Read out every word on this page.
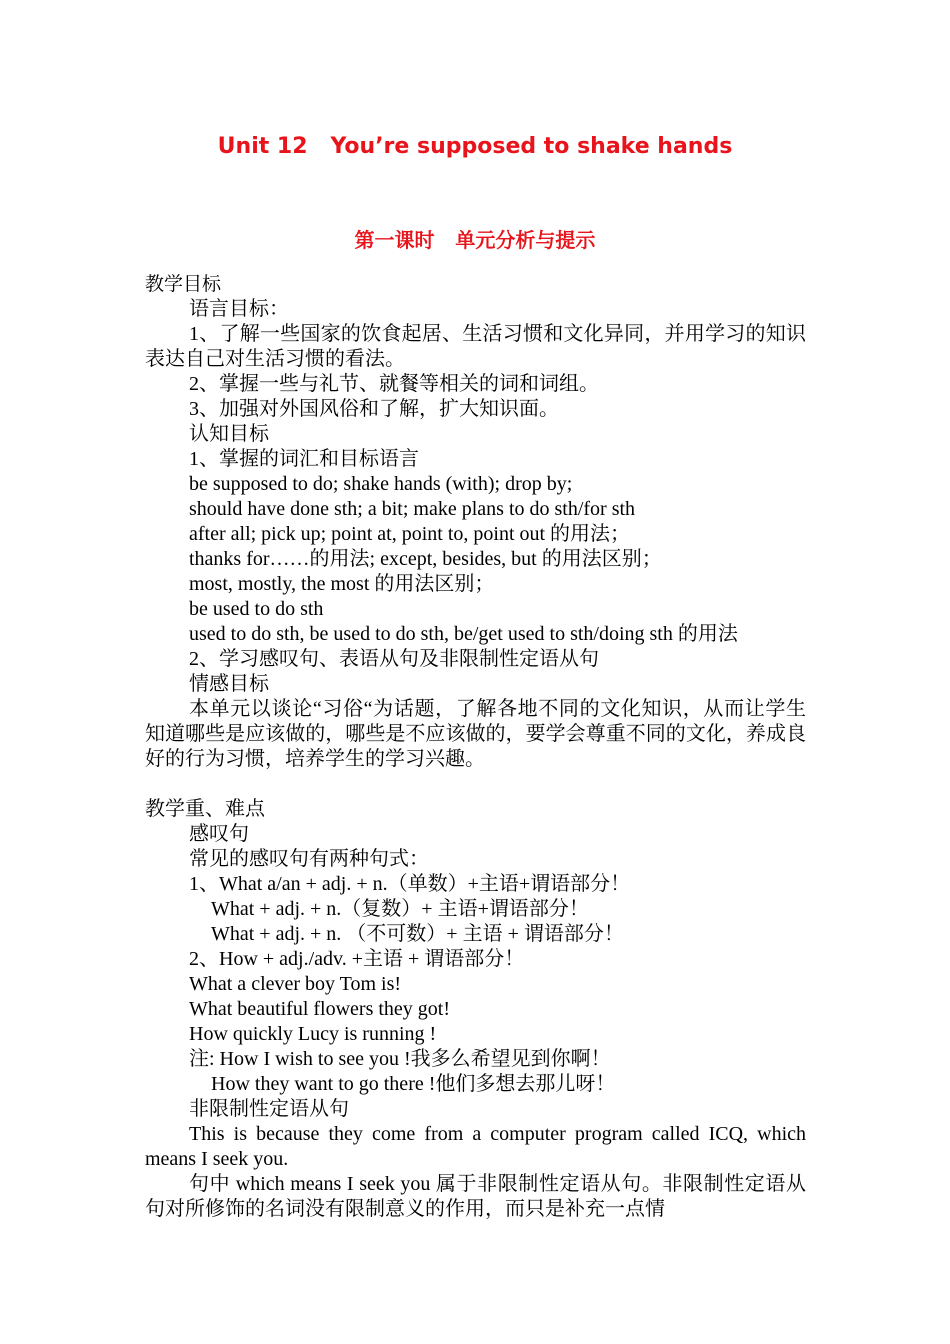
Unit 12   You’re supposed to shake hands
第一课时   单元分析与提示
教学目标
语言目标：
1、了解一些国家的饮食起居、生活习惯和文化异同，并用学习的知识表达自己对生活习惯的看法。
2、掌握一些与礼节、就餐等相关的词和词组。
3、加强对外国风俗和了解，扩大知识面。
认知目标
1、掌握的词汇和目标语言
be supposed to do; shake hands (with); drop by;
should have done sth; a bit; make plans to do sth/for sth
after all; pick up; point at, point to, point out 的用法；
thanks for……的用法; except, besides, but 的用法区别；
most, mostly, the most 的用法区别；
be used to do sth
used to do sth, be used to do sth, be/get used to sth/doing sth 的用法
2、学习感叹句、表语从句及非限制性定语从句
情感目标
本单元以谈论“习俗“为话题，了解各地不同的文化知识，从而让学生知道哪些是应该做的，哪些是不应该做的，要学会尊重不同的文化，养成良好的行为习惯，培养学生的学习兴趣。
教学重、难点
感叹句
常见的感叹句有两种句式：
1、What a/an + adj. + n.（单数）+主语+谓语部分！
What + adj. + n.（复数）+ 主语+谓语部分！
What + adj. + n. （不可数）+ 主语 + 谓语部分！
2、How + adj./adv. +主语 + 谓语部分！
What a clever boy Tom is!
What beautiful flowers they got!
How quickly Lucy is running !
注: How I wish to see you !我多么希望见到你啊！
How they want to go there !他们多想去那儿呀！
非限制性定语从句
This is because they come from a computer program called ICQ, which means I seek you.
句中 which means I seek you 属于非限制性定语从句。非限制性定语从句对所修饰的名词没有限制意义的作用，而只是补充一点情
